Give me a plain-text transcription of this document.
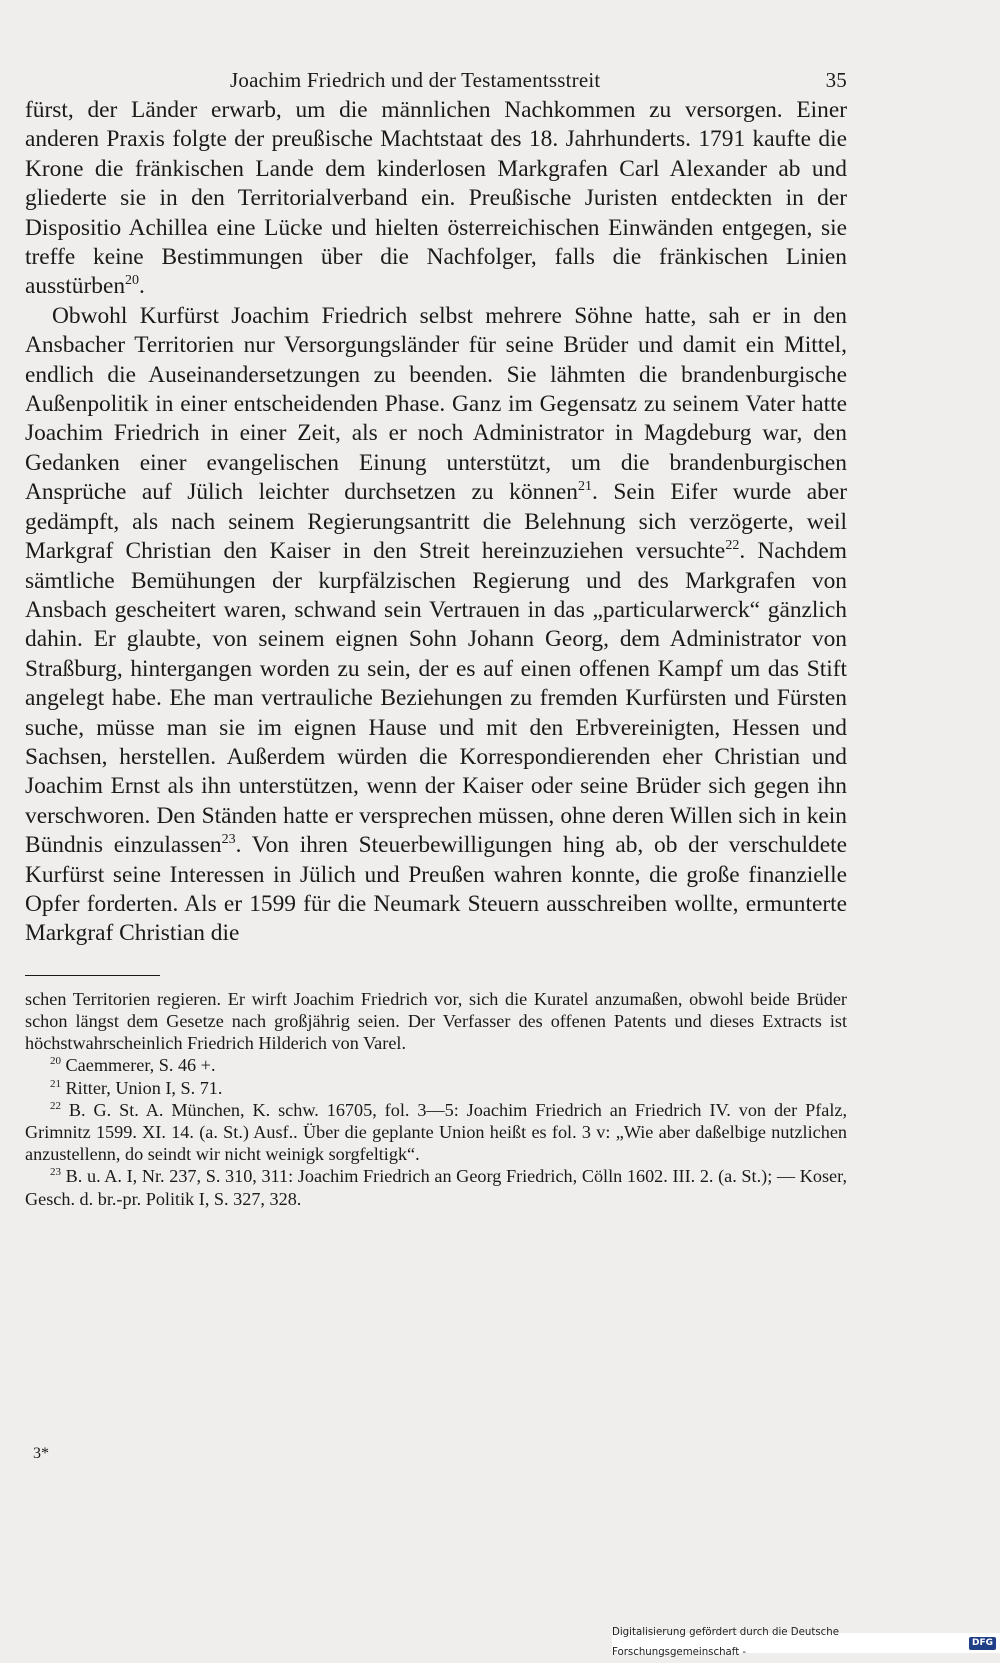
Joachim Friedrich und der Testamentsstreit	35

fürst, der Länder erwarb, um die männlichen Nachkommen zu versorgen. Einer anderen Praxis folgte der preußische Machtstaat des 18. Jahrhunderts. 1791 kaufte die Krone die fränkischen Lande dem kinderlosen Markgrafen Carl Alexander ab und gliederte sie in den Territorialverband ein. Preußische Juristen entdeckten in der Dispositio Achillea eine Lücke und hielten österreichischen Einwänden entgegen, sie treffe keine Bestimmungen über die Nachfolger, falls die fränkischen Linien ausstürben$^{20}$.

Obwohl Kurfürst Joachim Friedrich selbst mehrere Söhne hatte, sah er in den Ansbacher Territorien nur Versorgungsländer für seine Brüder und damit ein Mittel, endlich die Auseinandersetzungen zu beenden. Sie lähmten die brandenburgische Außenpolitik in einer entscheidenden Phase. Ganz im Gegensatz zu seinem Vater hatte Joachim Friedrich in einer Zeit, als er noch Administrator in Magdeburg war, den Gedanken einer evangelischen Einung unterstützt, um die brandenburgischen Ansprüche auf Jülich leichter durchsetzen zu können$^{21}$. Sein Eifer wurde aber gedämpft, als nach seinem Regierungsantritt die Belehnung sich verzögerte, weil Markgraf Christian den Kaiser in den Streit hereinzuziehen versuchte$^{22}$. Nachdem sämtliche Bemühungen der kurpfälzischen Regierung und des Markgrafen von Ansbach gescheitert waren, schwand sein Vertrauen in das „particularwerck“ gänzlich dahin. Er glaubte, von seinem eignen Sohn Johann Georg, dem Administrator von Straßburg, hintergangen worden zu sein, der es auf einen offenen Kampf um das Stift angelegt habe. Ehe man vertrauliche Beziehungen zu fremden Kurfürsten und Fürsten suche, müsse man sie im eignen Hause und mit den Erbvereinigten, Hessen und Sachsen, herstellen. Außerdem würden die Korrespondierenden eher Christian und Joachim Ernst als ihn unterstützen, wenn der Kaiser oder seine Brüder sich gegen ihn verschworen. Den Ständen hatte er versprechen müssen, ohne deren Willen sich in kein Bündnis einzulassen$^{23}$. Von ihren Steuerbewilligungen hing ab, ob der verschuldete Kurfürst seine Interessen in Jülich und Preußen wahren konnte, die große finanzielle Opfer forderten. Als er 1599 für die Neumark Steuern ausschreiben wollte, ermunterte Markgraf Christian die

schen Territorien regieren. Er wirft Joachim Friedrich vor, sich die Kuratel anzumaßen, obwohl beide Brüder schon längst dem Gesetze nach großjährig seien. Der Verfasser des offenen Patents und dieses Extracts ist höchstwahrscheinlich Friedrich Hilderich von Varel.

$^{20}$ Caemmerer, S. 46 +.

$^{21}$ Ritter, Union I, S. 71.

$^{22}$ B. G. St. A. München, K. schw. 16705, fol. 3—5: Joachim Friedrich an Friedrich IV. von der Pfalz, Grimnitz 1599. XI. 14. (a. St.) Ausf.. Über die geplante Union heißt es fol. 3 v: „Wie aber daßelbige nutzlichen anzustellenn, do seindt wir nicht weinigk sorgfeltigk“.

$^{23}$ B. u. A. I, Nr. 237, S. 310, 311: Joachim Friedrich an Georg Friedrich, Cölln 1602. III. 2. (a. St.); — Koser, Gesch. d. br.-pr. Politik I, S. 327, 328.

3*
Digitalisierung gefördert durch die Deutsche Forschungsgemeinschaft -
DFG
